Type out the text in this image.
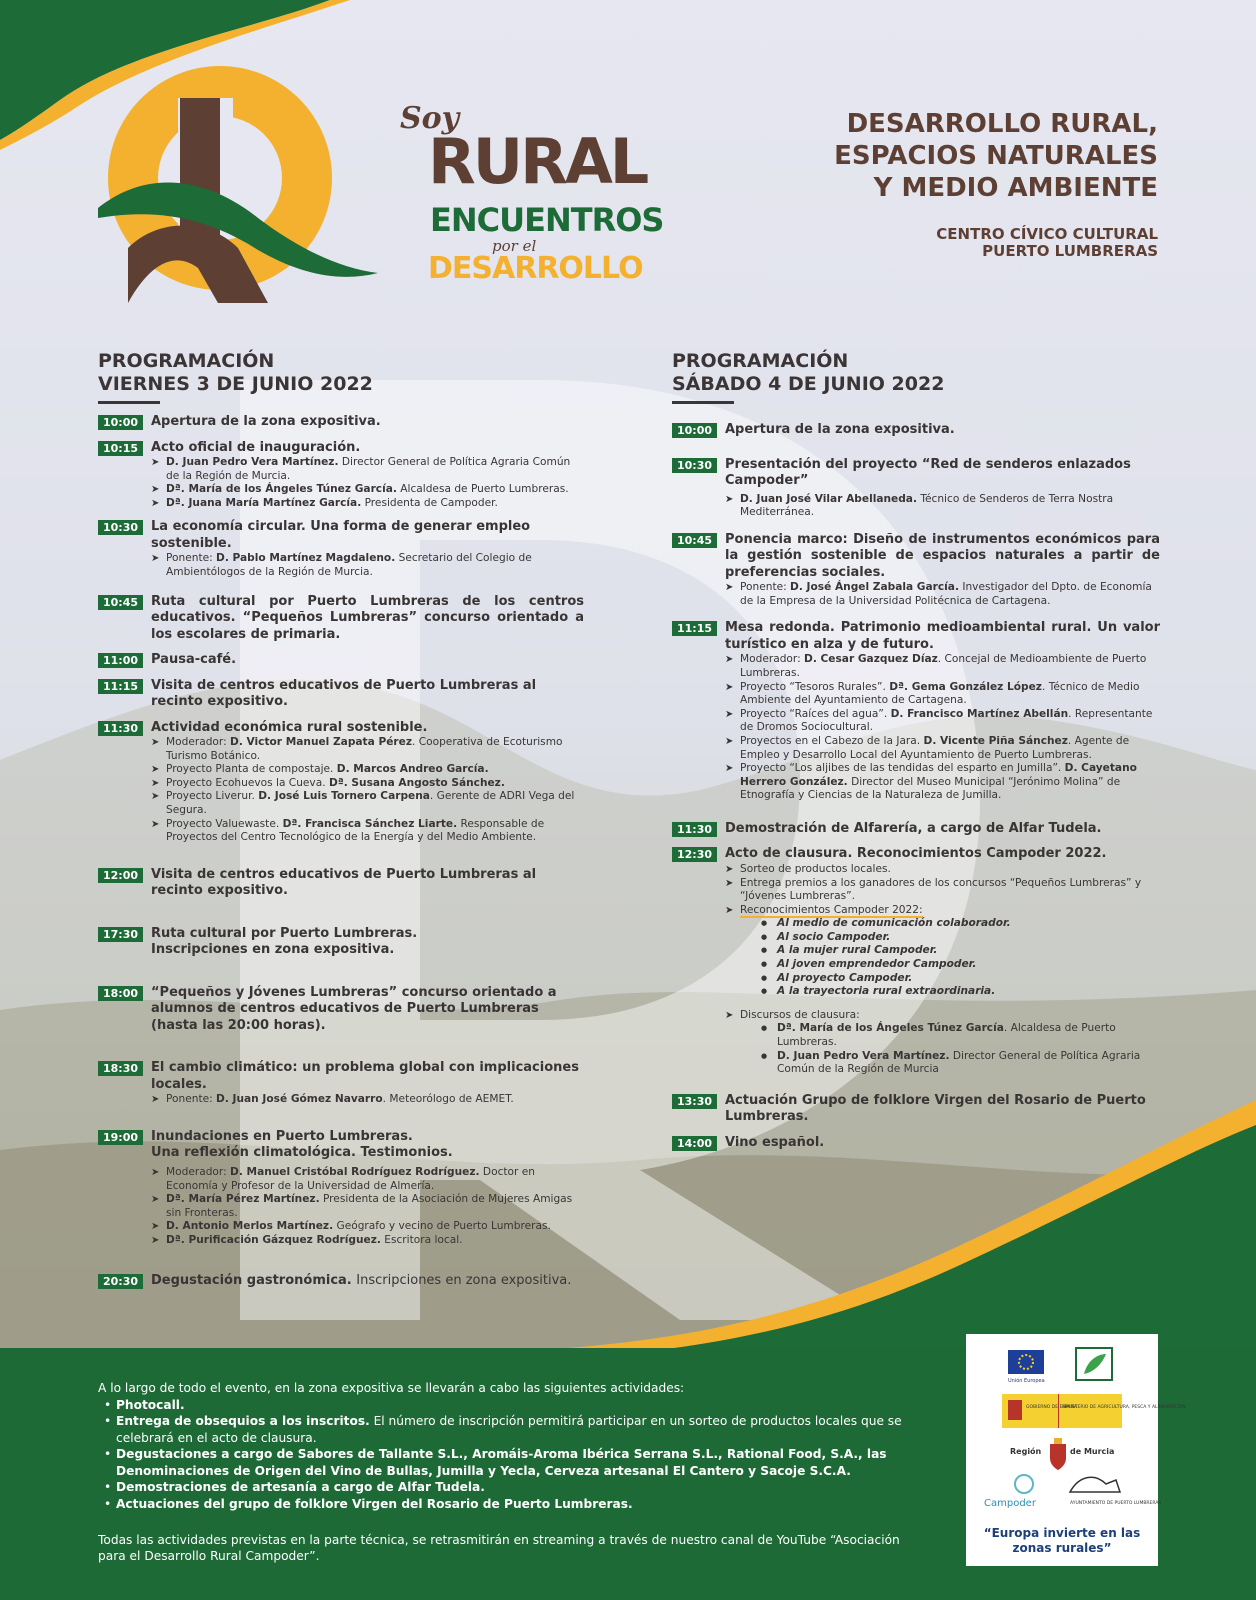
Soy
RURAL
ENCUENTROS
por el
DESARROLLO
DESARROLLO RURAL,
ESPACIOS NATURALES
Y MEDIO AMBIENTE
CENTRO CÍVICO CULTURAL
PUERTO LUMBRERAS
PROGRAMACIÓN
VIERNES 3 DE JUNIO 2022
10:00	Apertura de la zona expositiva.
10:15	Acto oficial de inauguración.
➤ D. Juan Pedro Vera Martínez. Director General de Política Agraria Común de la Región de Murcia.
➤ Dª. María de los Ángeles Túnez García. Alcaldesa de Puerto Lumbreras.
➤ Dª. Juana María Martínez García. Presidenta de Campoder.
10:30	La economía circular. Una forma de generar empleo sostenible.
➤ Ponente: D. Pablo Martínez Magdaleno. Secretario del Colegio de Ambientólogos de la Región de Murcia.
10:45	Ruta cultural por Puerto Lumbreras de los centros educativos. “Pequeños Lumbreras” concurso orientado a los escolares de primaria.
11:00	Pausa-café.
11:15	Visita de centros educativos de Puerto Lumbreras al recinto expositivo.
11:30	Actividad económica rural sostenible.
➤ Moderador: D. Victor Manuel Zapata Pérez. Cooperativa de Ecoturismo Turismo Botánico.
➤ Proyecto Planta de compostaje. D. Marcos Andreo García.
➤ Proyecto Ecohuevos la Cueva. Dª. Susana Angosto Sánchez.
➤ Proyecto Liverur. D. José Luis Tornero Carpena. Gerente de ADRI Vega del Segura.
➤ Proyecto Valuewaste. Dª. Francisca Sánchez Liarte. Responsable de Proyectos del Centro Tecnológico de la Energía y del Medio Ambiente.
12:00	Visita de centros educativos de Puerto Lumbreras al recinto expositivo.
17:30	Ruta cultural por Puerto Lumbreras.
Inscripciones en zona expositiva.
18:00	“Pequeños y Jóvenes Lumbreras” concurso orientado a alumnos de centros educativos de Puerto Lumbreras (hasta las 20:00 horas).
18:30	El cambio climático: un problema global con implicaciones locales.
➤ Ponente: D. Juan José Gómez Navarro. Meteorólogo de AEMET.
19:00	Inundaciones en Puerto Lumbreras.
Una reflexión climatológica. Testimonios.
➤ Moderador: D. Manuel Cristóbal Rodríguez Rodríguez. Doctor en Economía y Profesor de la Universidad de Almería.
➤ Dª. María Pérez Martínez. Presidenta de la Asociación de Mujeres Amigas sin Fronteras.
➤ D. Antonio Merlos Martínez. Geógrafo y vecino de Puerto Lumbreras.
➤ Dª. Purificación Gázquez Rodríguez. Escritora local.
20:30	Degustación gastronómica. Inscripciones en zona expositiva.
PROGRAMACIÓN
SÁBADO 4 DE JUNIO 2022
10:00	Apertura de la zona expositiva.
10:30	Presentación del proyecto “Red de senderos enlazados Campoder”
➤ D. Juan José Vilar Abellaneda. Técnico de Senderos de Terra Nostra Mediterránea.
10:45	Ponencia marco: Diseño de instrumentos económicos para la gestión sostenible de espacios naturales a partir de preferencias sociales.
➤ Ponente: D. José Ángel Zabala García. Investigador del Dpto. de Economía de la Empresa de la Universidad Politécnica de Cartagena.
11:15	Mesa redonda. Patrimonio medioambiental rural. Un valor turístico en alza y de futuro.
➤ Moderador: D. Cesar Gazquez Díaz. Concejal de Medioambiente de Puerto Lumbreras.
➤ Proyecto “Tesoros Rurales”. Dª. Gema González López. Técnico de Medio Ambiente del Ayuntamiento de Cartagena.
➤ Proyecto “Raíces del agua”. D. Francisco Martínez Abellán. Representante de Dromos Sociocultural.
➤ Proyectos en el Cabezo de la Jara. D. Vicente Piña Sánchez. Agente de Empleo y Desarrollo Local del Ayuntamiento de Puerto Lumbreras.
➤ Proyecto “Los aljibes de las tendidas del esparto en Jumilla”. D. Cayetano Herrero González. Director del Museo Municipal “Jerónimo Molina” de Etnografía y Ciencias de la Naturaleza de Jumilla.
11:30	Demostración de Alfarería, a cargo de Alfar Tudela.
12:30	Acto de clausura. Reconocimientos Campoder 2022.
➤ Sorteo de productos locales.
➤ Entrega premios a los ganadores de los concursos “Pequeños Lumbreras” y “Jóvenes Lumbreras”.
➤ Reconocimientos Campoder 2022:
● Al medio de comunicación colaborador.
● Al socio Campoder.
● A la mujer rural Campoder.
● Al joven emprendedor Campoder.
● Al proyecto Campoder.
● A la trayectoria rural extraordinaria.
➤ Discursos de clausura:
● Dª. María de los Ángeles Túnez García. Alcaldesa de Puerto Lumbreras.
● D. Juan Pedro Vera Martínez. Director General de Política Agraria Común de la Región de Murcia
13:30	Actuación Grupo de folklore Virgen del Rosario de Puerto Lumbreras.
14:00	Vino español.
A lo largo de todo el evento, en la zona expositiva se llevarán a cabo las siguientes actividades:
• Photocall.
• Entrega de obsequios a los inscritos. El número de inscripción permitirá participar en un sorteo de productos locales que se celebrará en el acto de clausura.
• Degustaciones a cargo de Sabores de Tallante S.L., Aromáis-Aroma Ibérica Serrana S.L., Rational Food, S.A., las Denominaciones de Origen del Vino de Bullas, Jumilla y Yecla, Cerveza artesanal El Cantero y Sacoje S.C.A.
• Demostraciones de artesanía a cargo de Alfar Tudela.
• Actuaciones del grupo de folklore Virgen del Rosario de Puerto Lumbreras.
Todas las actividades previstas en la parte técnica, se retrasmitirán en streaming a través de nuestro canal de YouTube “Asociación para el Desarrollo Rural Campoder”.
Unión Europea
GOBIERNO DE ESPAÑA
MINISTERIO DE AGRICULTURA, PESCA Y ALIMENTACIÓN
Región	de Murcia
Campoder	AYUNTAMIENTO DE PUERTO LUMBRERAS
“Europa invierte en las
zonas rurales”
